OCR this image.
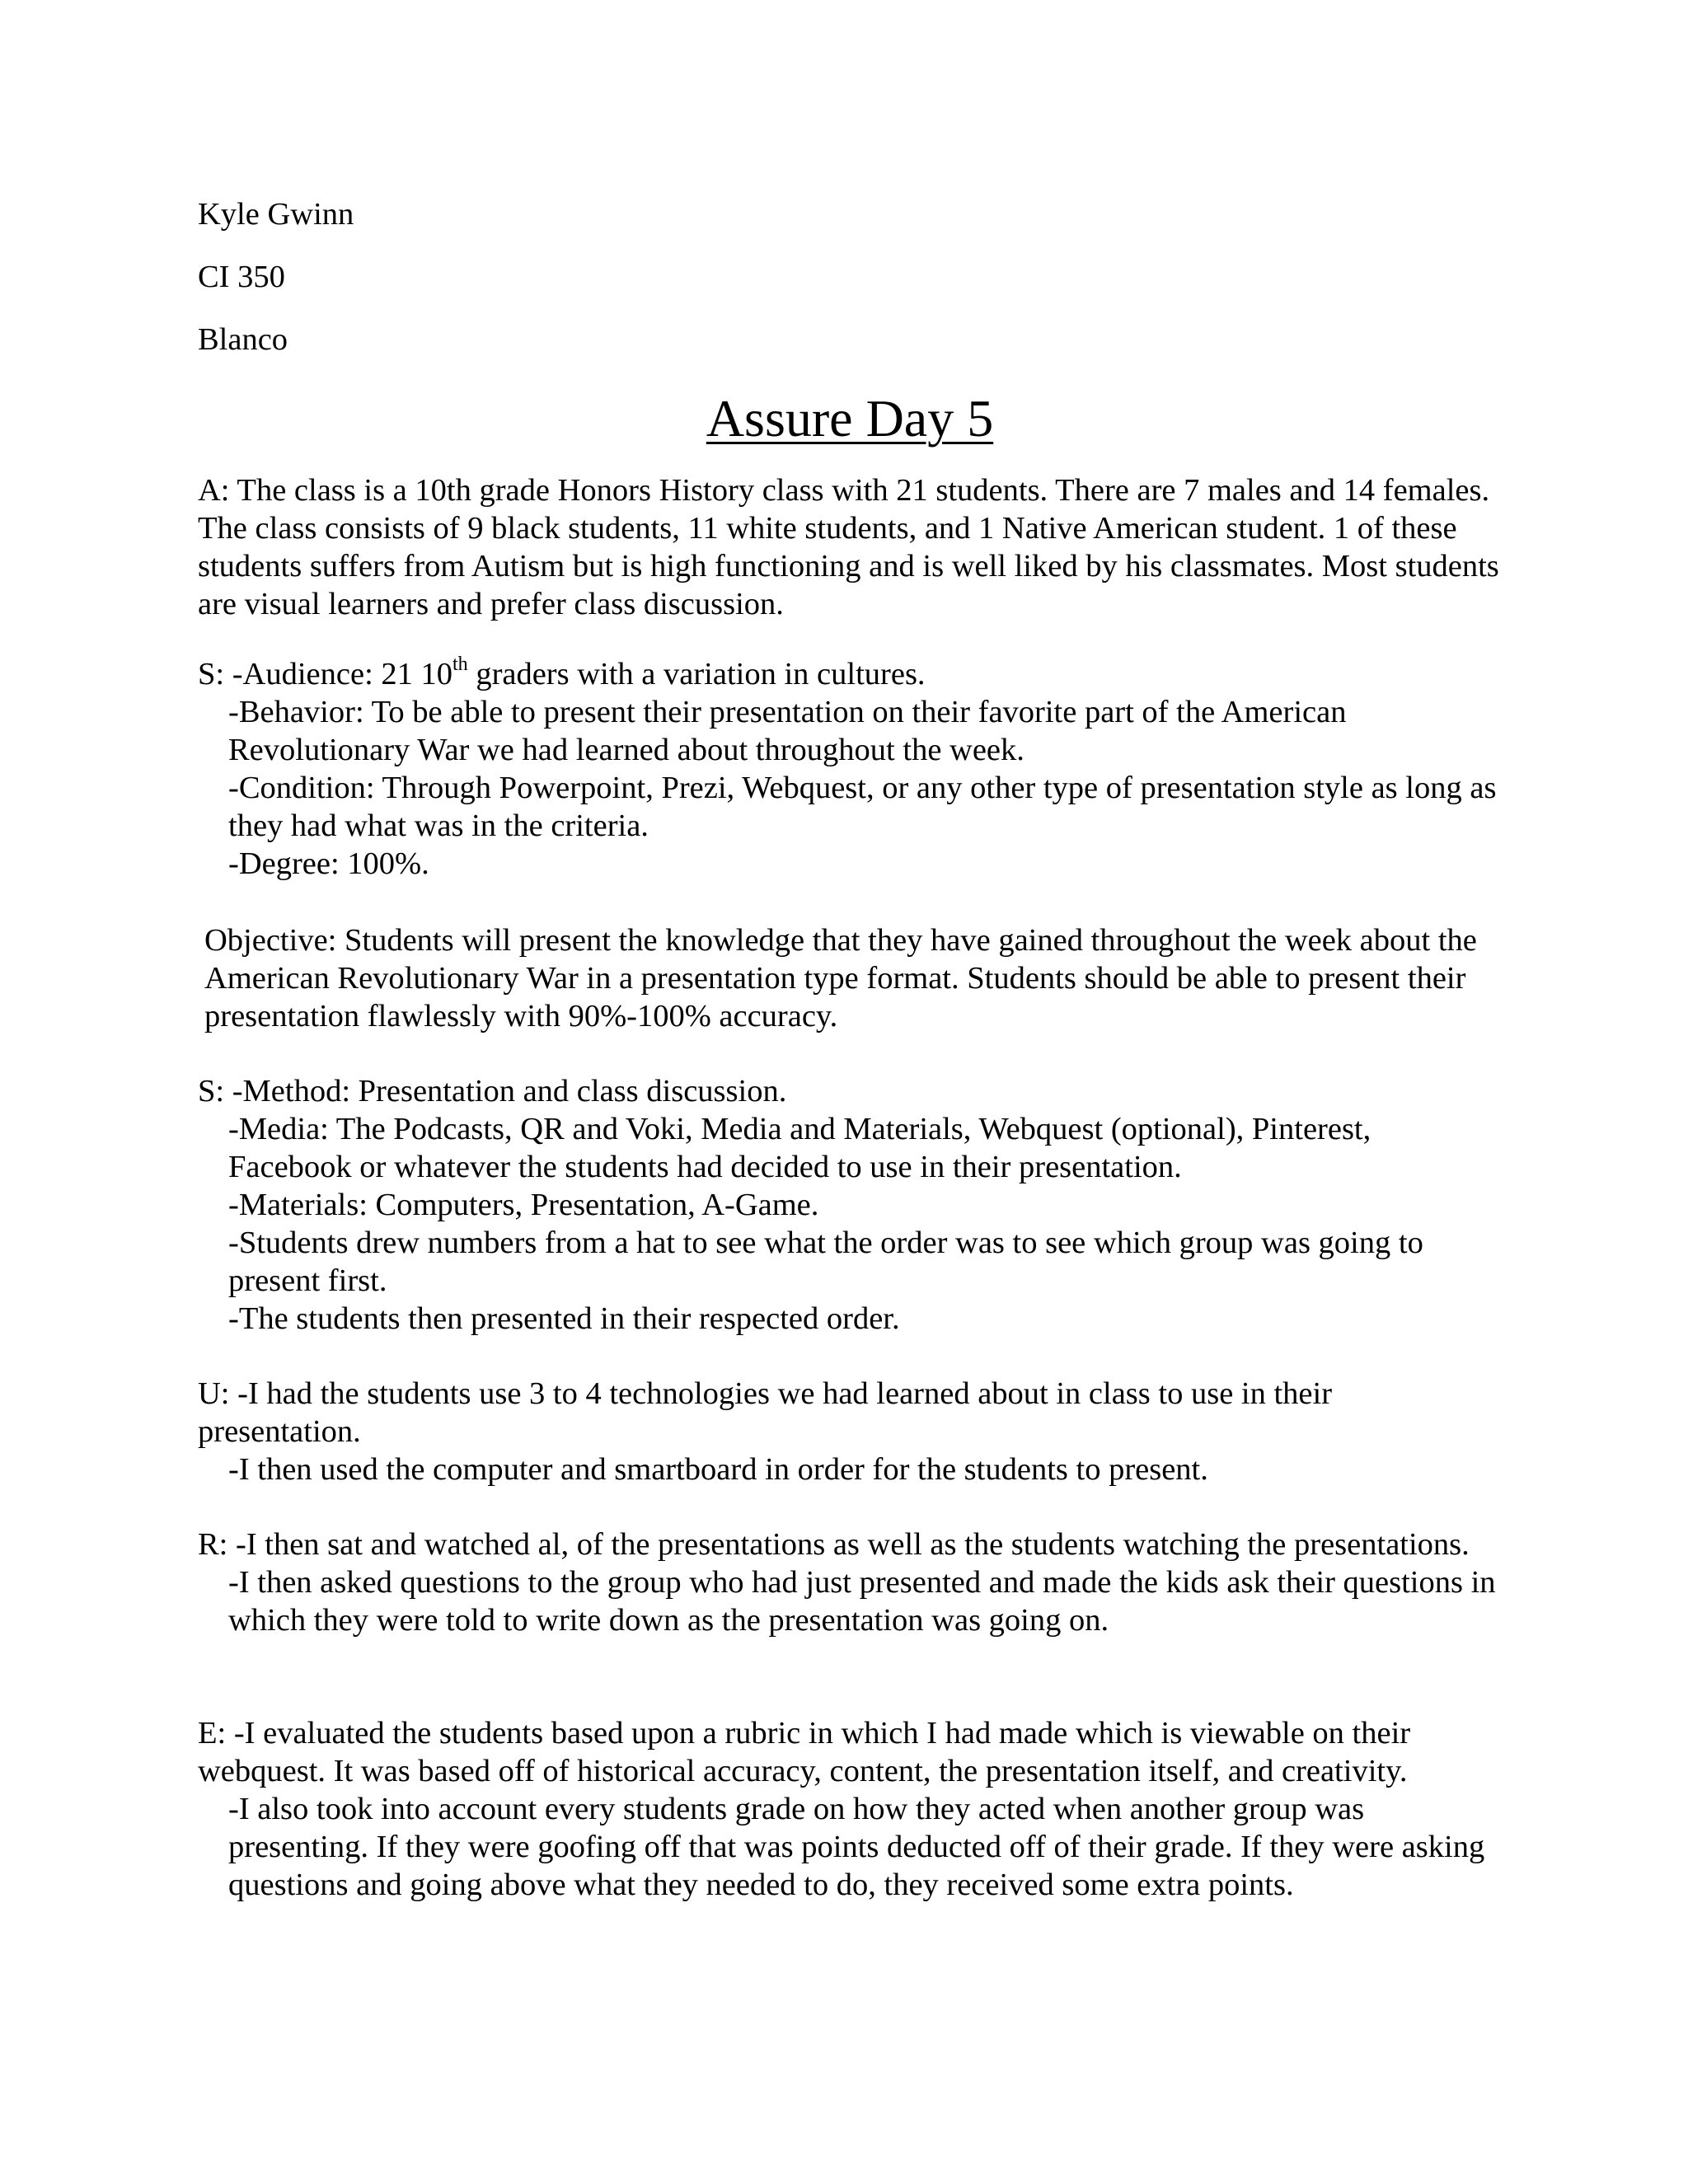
Kyle Gwinn

CI 350

Blanco

Assure Day 5

A: The class is a 10th grade Honors History class with 21 students. There are 7 males and 14 females. The class consists of 9 black students, 11 white students, and 1 Native American student. 1 of these students suffers from Autism but is high functioning and is well liked by his classmates. Most students are visual learners and prefer class discussion.

S: -Audience: 21 10th graders with a variation in cultures.

-Behavior: To be able to present their presentation on their favorite part of the American Revolutionary War we had learned about throughout the week.

-Condition: Through Powerpoint, Prezi, Webquest, or any other type of presentation style as long as they had what was in the criteria.

-Degree: 100%.

Objective: Students will present the knowledge that they have gained throughout the week about the American Revolutionary War in a presentation type format. Students should be able to present their presentation flawlessly with 90%-100% accuracy.

S: -Method: Presentation and class discussion.

-Media: The Podcasts, QR and Voki, Media and Materials, Webquest (optional), Pinterest, Facebook or whatever the students had decided to use in their presentation.

-Materials: Computers, Presentation, A-Game.

-Students drew numbers from a hat to see what the order was to see which group was going to present first.

-The students then presented in their respected order.

U: -I had the students use 3 to 4 technologies we had learned about in class to use in their presentation.

-I then used the computer and smartboard in order for the students to present.

R: -I then sat and watched al, of the presentations as well as the students watching the presentations.

-I then asked questions to the group who had just presented and made the kids ask their questions in which they were told to write down as the presentation was going on.

E: -I evaluated the students based upon a rubric in which I had made which is viewable on their webquest. It was based off of historical accuracy, content, the presentation itself, and creativity.

-I also took into account every students grade on how they acted when another group was presenting. If they were goofing off that was points deducted off of their grade. If they were asking questions and going above what they needed to do, they received some extra points.
